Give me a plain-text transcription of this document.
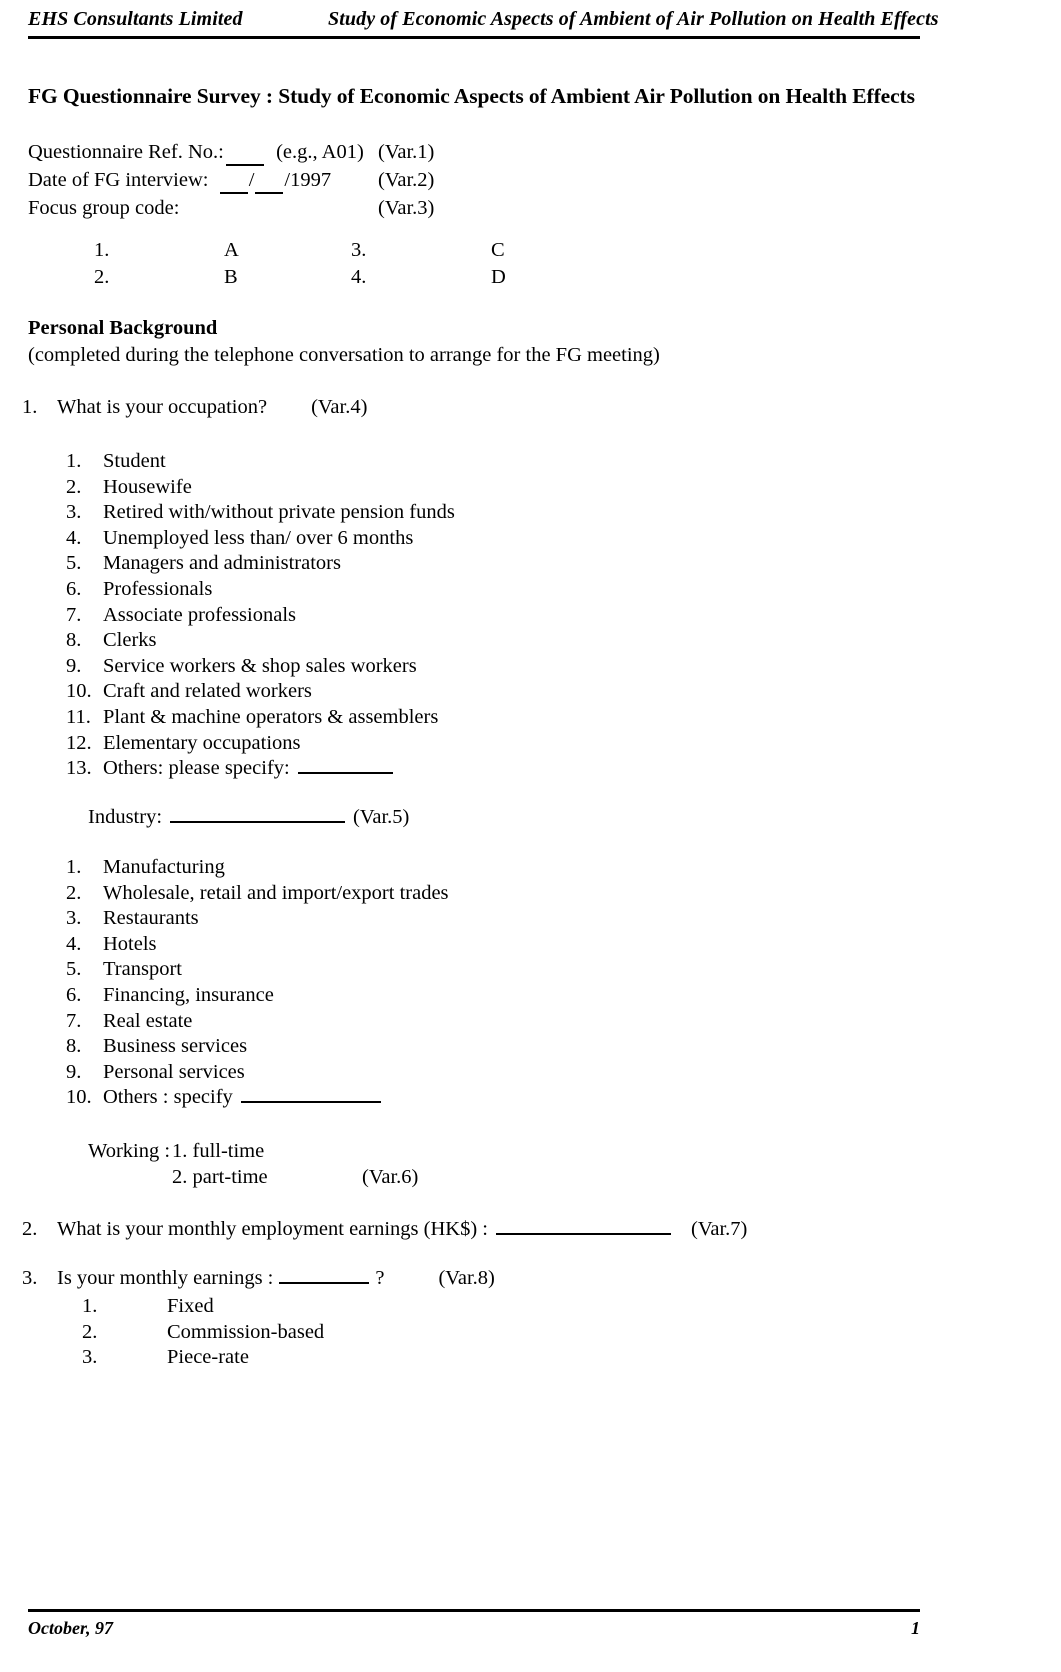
EHS Consultants Limited	Study of Economic Aspects of Ambient of Air Pollution on Health Effects
FG Questionnaire Survey : Study of Economic Aspects of Ambient Air Pollution on Health Effects
Questionnaire Ref. No.:	(e.g., A01) (Var.1)
Date of FG interview: / /1997	(Var.2)
Focus group code:	(Var.3)
1.	A	3.	C
2.	B	4.	D
Personal Background
(completed during the telephone conversation to arrange for the FG meeting)
1. What is your occupation? (Var.4)
1.	Student
2.	Housewife
3.	Retired with/without private pension funds
4.	Unemployed less than/ over 6 months
5.	Managers and administrators
6.	Professionals
7.	Associate professionals
8.	Clerks
9.	Service workers & shop sales workers
10. Craft and related workers
11. Plant & machine operators & assemblers
12. Elementary occupations
13. Others: please specify:
Industry:	(Var.5)
1.	Manufacturing
2.	Wholesale, retail and import/export trades
3.	Restaurants
4.	Hotels
5.	Transport
6.	Financing, insurance
7.	Real estate
8.	Business services
9.	Personal services
10. Others : specify
Working : 1. full-time
2. part-time	(Var.6)
2. What is your monthly employment earnings (HK$) :	(Var.7)
3. Is your monthly earnings :	?	(Var.8)
1.	Fixed
2.	Commission-based
3.	Piece-rate
October, 97	1
